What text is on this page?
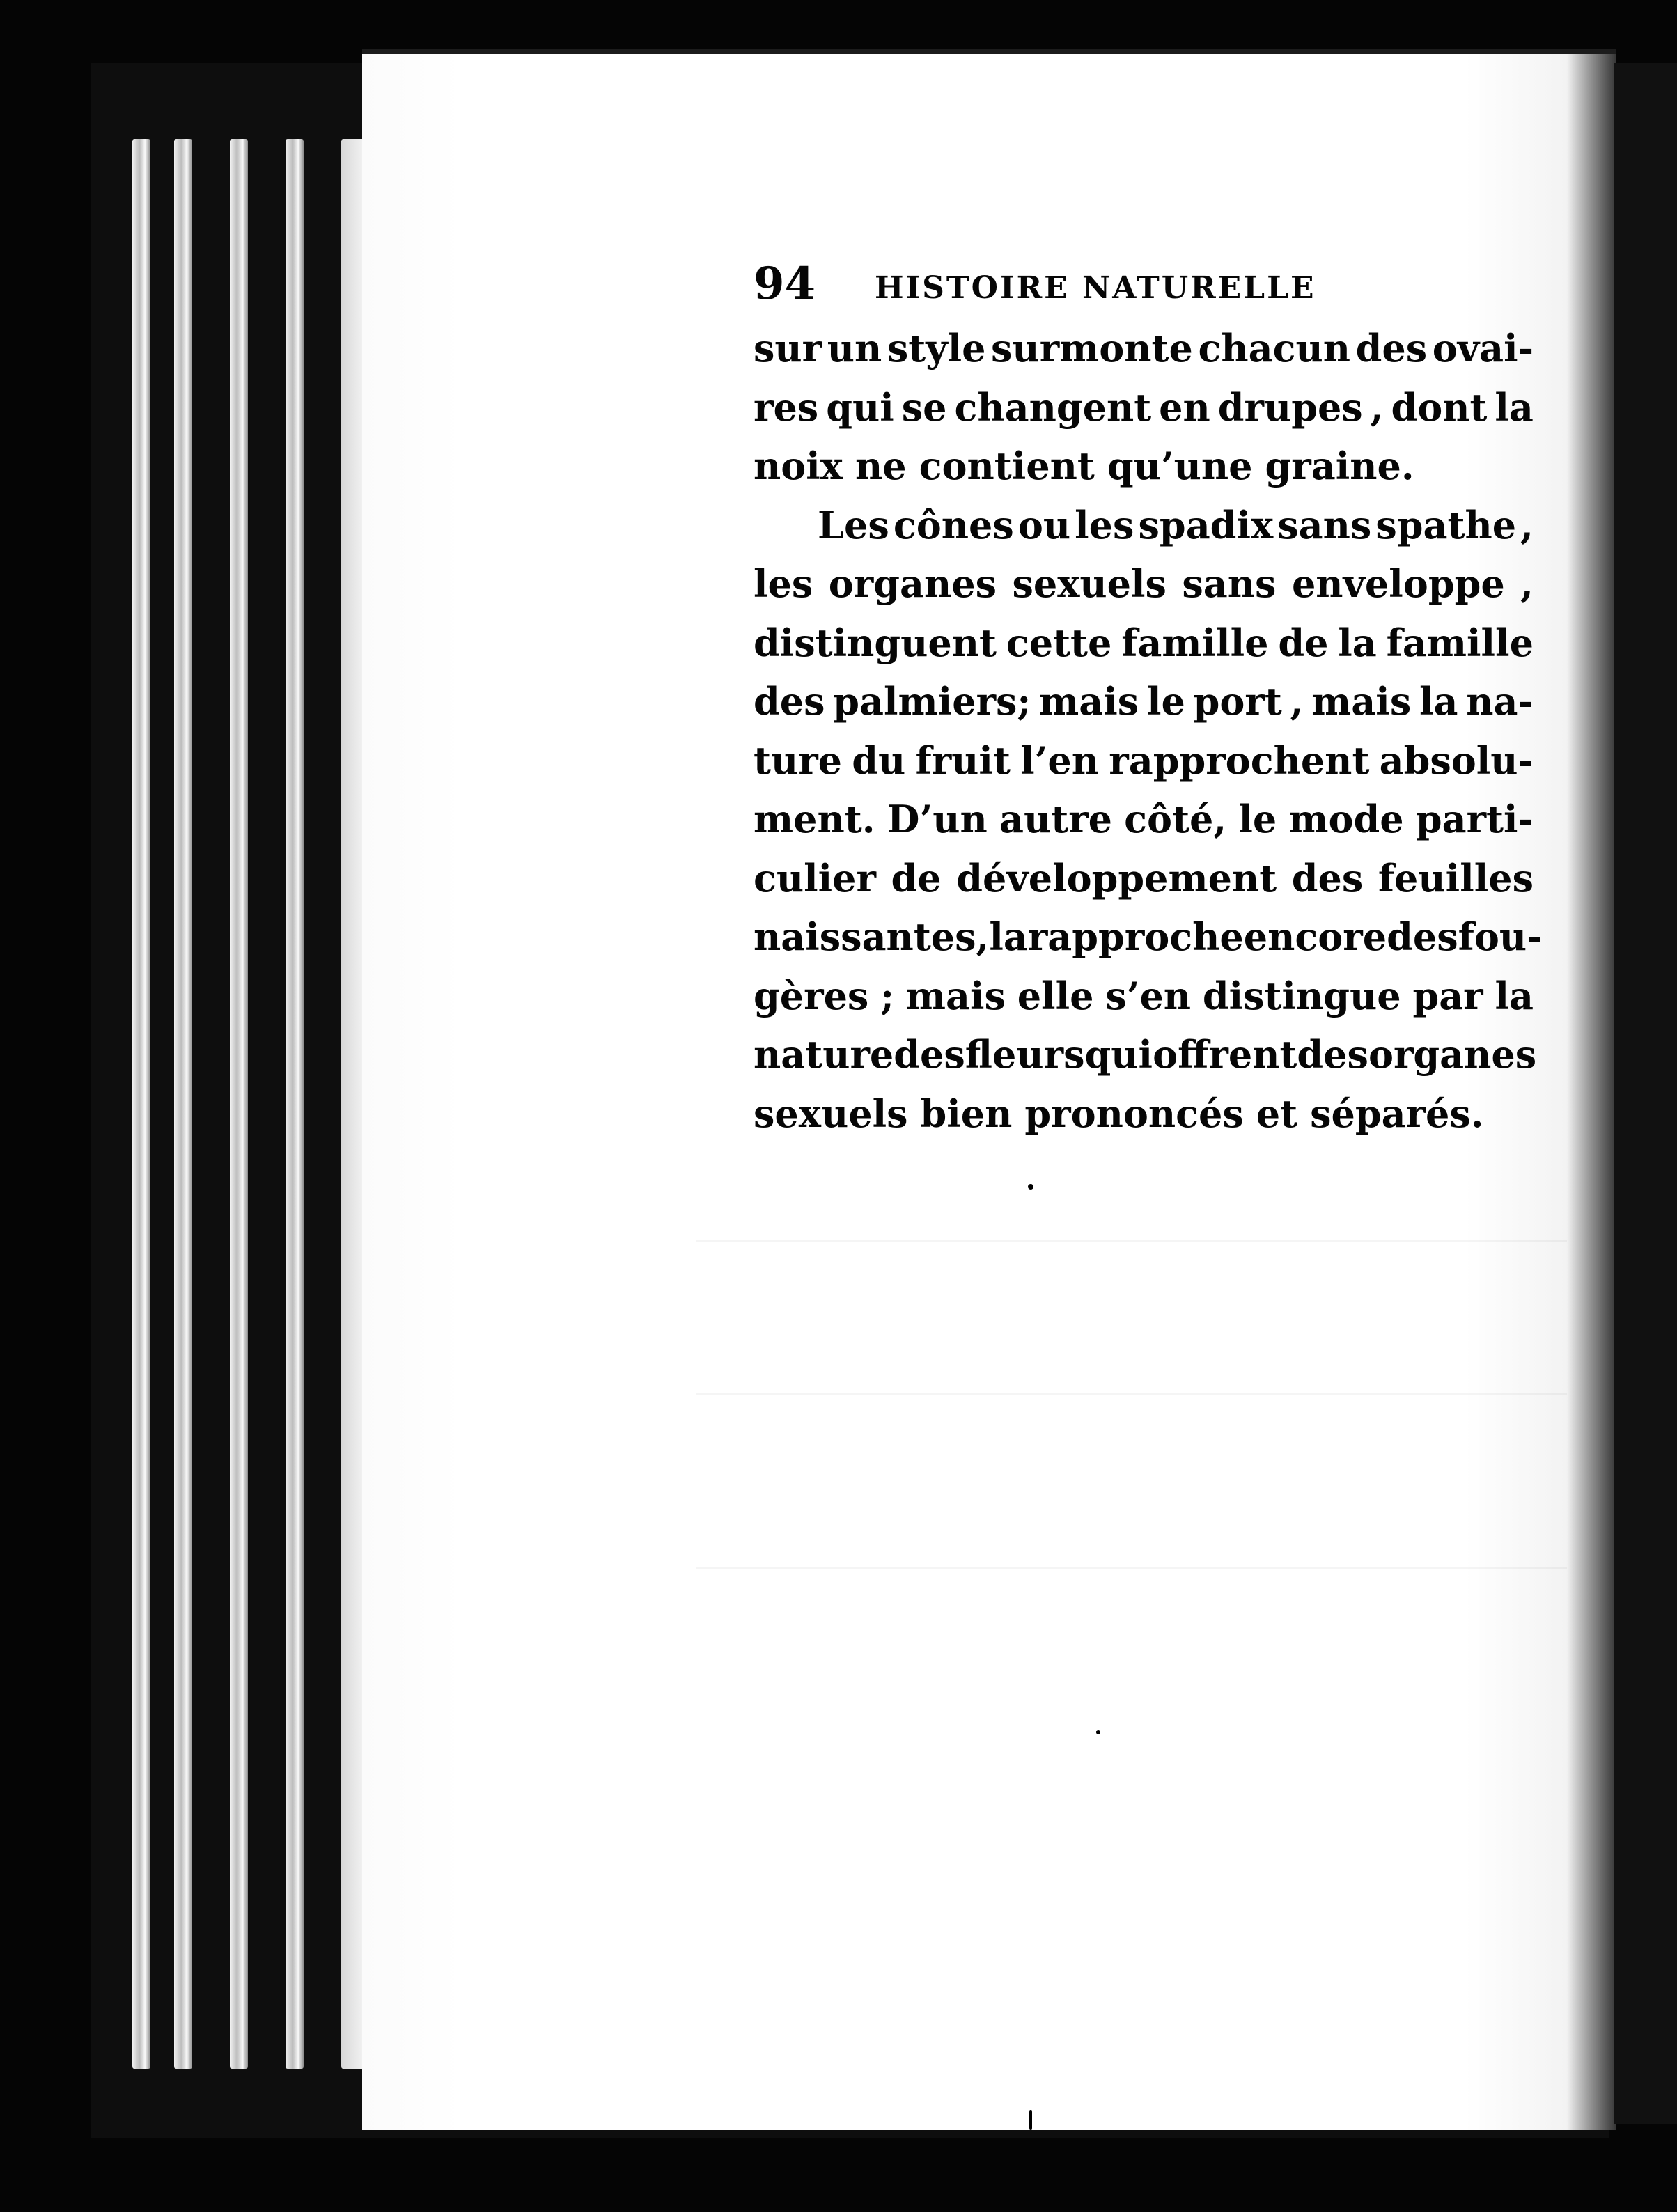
94 HISTOIRE NATURELLE
sur un style surmonte chacun des ovai-
res qui se changent en drupes , dont la
noix ne contient qu’une graine.
Les cônes ou les spadix sans spathe ,
les organes sexuels sans enveloppe ,
distinguent cette famille de la famille
des palmiers; mais le port , mais la na-
ture du fruit l’en rapprochent absolu-
ment. D’un autre côté, le mode parti-
culier de développement des feuilles
naissantes , la rapproche encore des fou-
gères ; mais elle s’en distingue par la
nature des fleurs qui offrent des organes
sexuels bien prononcés et séparés.
